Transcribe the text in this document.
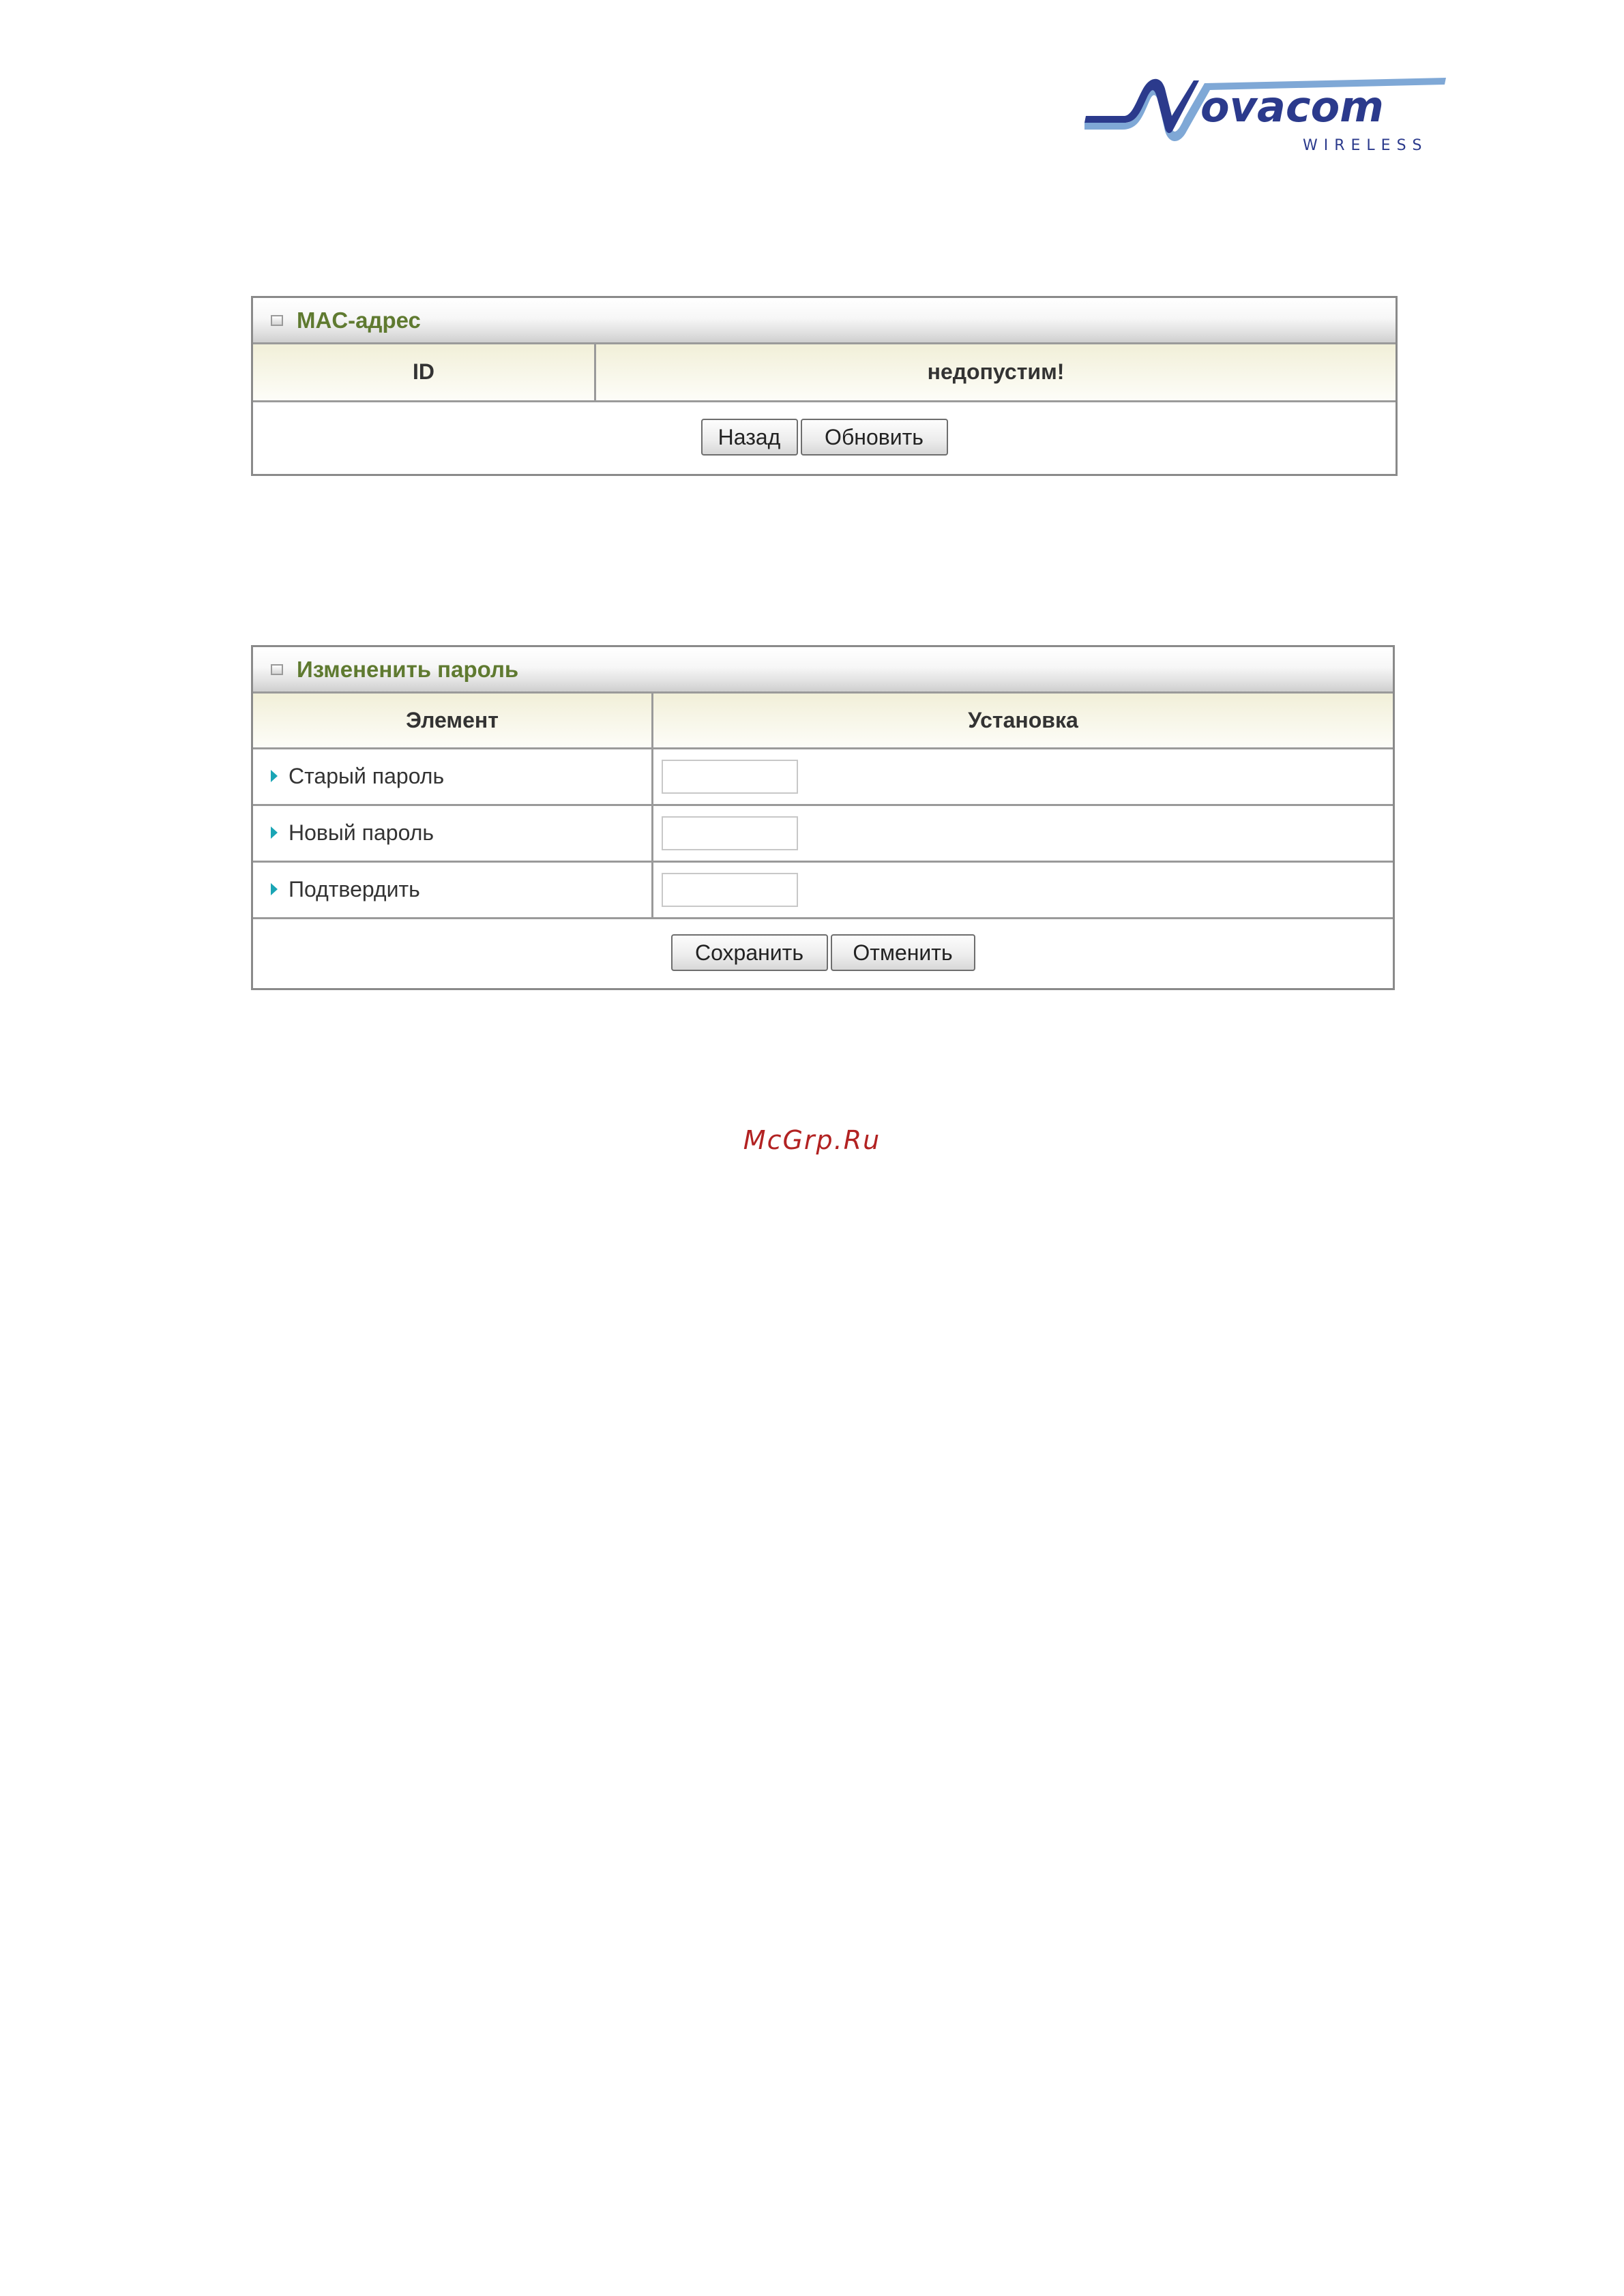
ovacom
WIRELESS
MAC-адрес
ID	недопустим!
Назад Обновить
Измененить пароль
Элемент	Установка
Старый пароль	

Новый пароль	

Подтвердить	

Сохранить Отменить	
McGrp.Ru
